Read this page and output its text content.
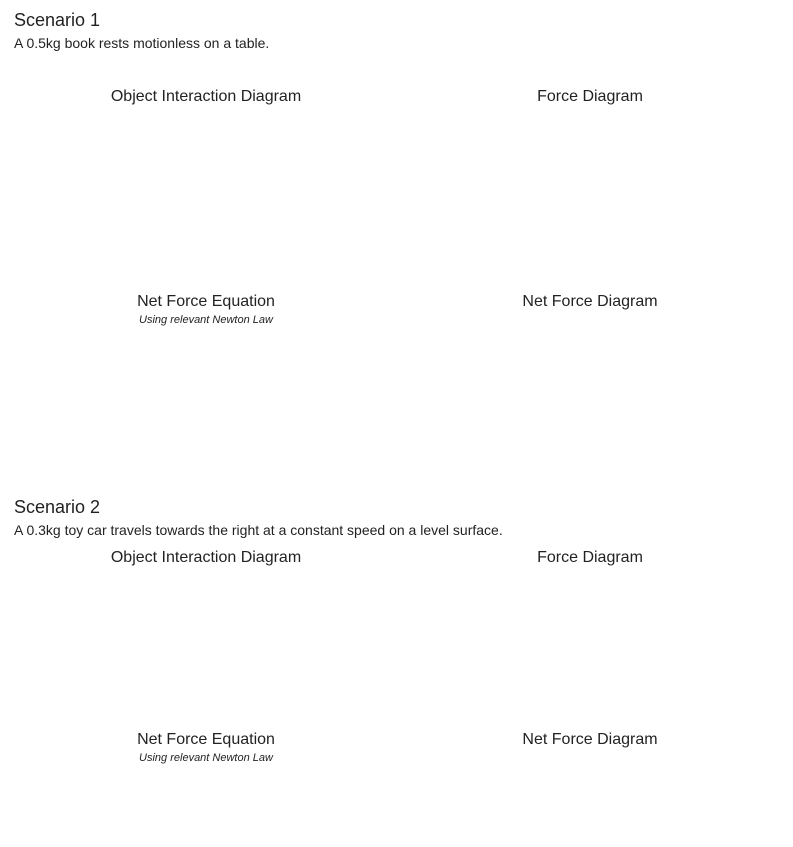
Scenario 1
A 0.5kg book rests motionless on a table.
Object Interaction Diagram	Force Diagram
Net Force Equation
Using relevant Newton Law
Net Force Diagram
Scenario 2
A 0.3kg toy car travels towards the right at a constant speed on a level surface.
Object Interaction Diagram	Force Diagram
Net Force Equation
Using relevant Newton Law
Net Force Diagram
